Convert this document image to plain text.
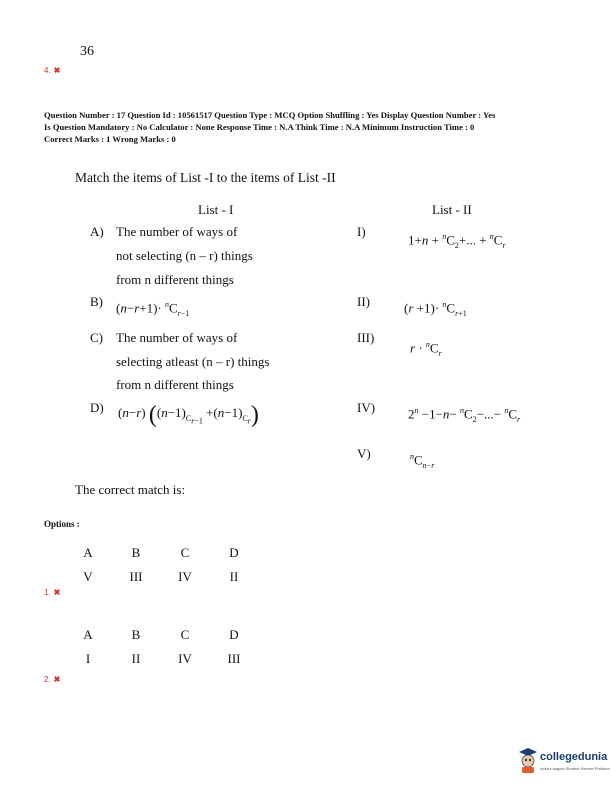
36
4. ✖
Question Number : 17 Question Id : 10561517 Question Type : MCQ Option Shuffling : Yes Display Question Number : Yes
Is Question Mandatory : No Calculator : None Response Time : N.A Think Time : N.A Minimum Instruction Time : 0
Correct Marks : 1 Wrong Marks : 0
Match the items of List -I to the items of List -II
List - I	List - II
A) The number of ways of
not selecting (n – r) things
from n different things
B) $(n-r+1)\cdot ^nC_{r-1}$
C) The number of ways of
selecting atleast (n – r) things
from n different things
D) (n−r) $((n-1)_{C_{r-1}} +(n-1)_{C_r})$
I)
$1+n + ^nC_2+$... + $^nC_r$
II)	$(r +1)\cdot ^nC_{r+1}$
III)
$r \cdot ^nC_r$
IV)	$2^n -1-n- ^nC_2-...- ^nC_r$
V)	$^nC_{n-r}$
The correct match is:
Options :
A	B	C	D
V	III	IV	II
1. ✖
A	B	C	D
I	II	IV	III
2. ✖
collegedunia
India's largest Student Review Platform
